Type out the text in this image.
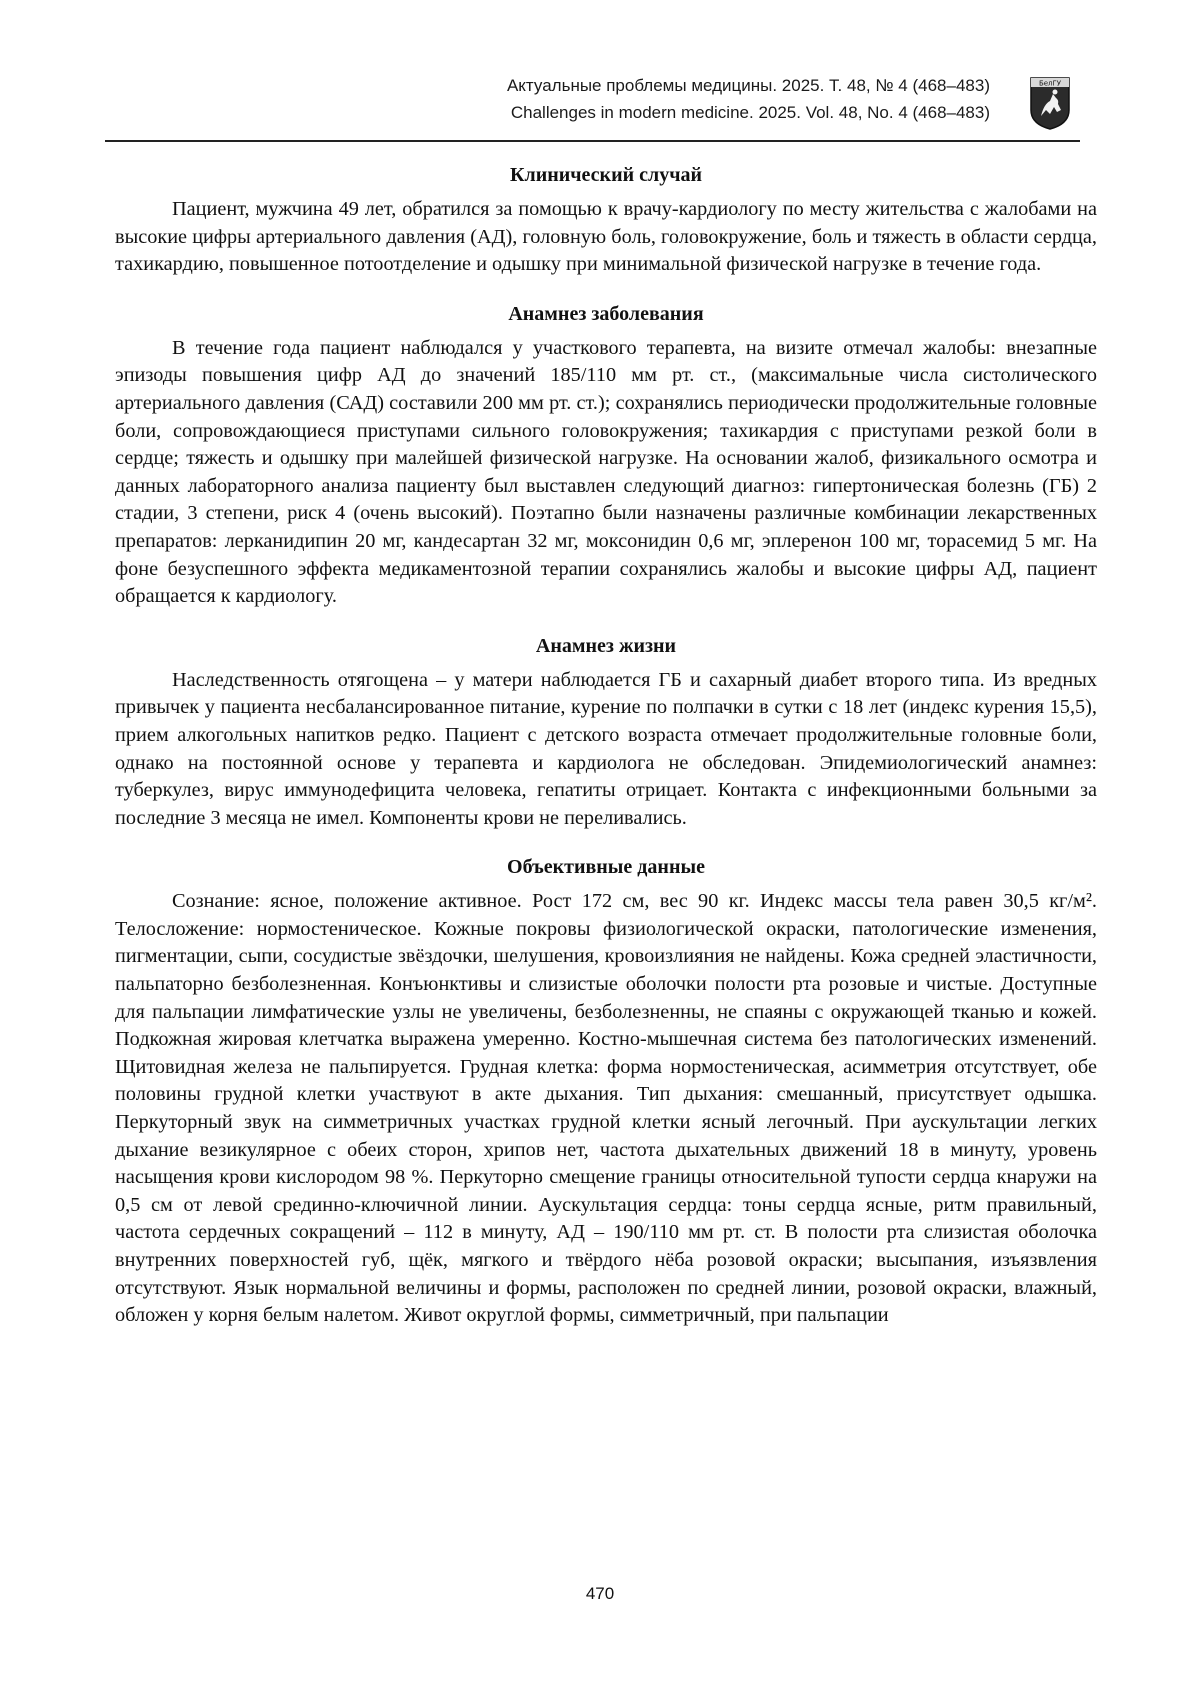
Актуальные проблемы медицины. 2025. Т. 48, № 4 (468–483)
Challenges in modern medicine. 2025. Vol. 48, No. 4 (468–483)
БелГУ
Клинический случай

Пациент, мужчина 49 лет, обратился за помощью к врачу-кардиологу по месту жительства с жалобами на высокие цифры артериального давления (АД), головную боль, головокружение, боль и тяжесть в области сердца, тахикардию, повышенное потоотделение и одышку при минимальной физической нагрузке в течение года.

Анамнез заболевания

В течение года пациент наблюдался у участкового терапевта, на визите отмечал жалобы: внезапные эпизоды повышения цифр АД до значений 185/110 мм рт. ст., (максимальные числа систолического артериального давления (САД) составили 200 мм рт. ст.); сохранялись периодически продолжительные головные боли, сопровождающиеся приступами сильного головокружения; тахикардия с приступами резкой боли в сердце; тяжесть и одышку при малейшей физической нагрузке. На основании жалоб, физикального осмотра и данных лабораторного анализа пациенту был выставлен следующий диагноз: гипертоническая болезнь (ГБ) 2 стадии, 3 степени, риск 4 (очень высокий). Поэтапно были назначены различные комбинации лекарственных препаратов: лерканидипин 20 мг, кандесартан 32 мг, моксонидин 0,6 мг, эплеренон 100 мг, торасемид 5 мг. На фоне безуспешного эффекта медикаментозной терапии сохранялись жалобы и высокие цифры АД, пациент обращается к кардиологу.

Анамнез жизни

Наследственность отягощена – у матери наблюдается ГБ и сахарный диабет второго типа. Из вредных привычек у пациента несбалансированное питание, курение по полпачки в сутки с 18 лет (индекс курения 15,5), прием алкогольных напитков редко. Пациент с детского возраста отмечает продолжительные головные боли, однако на постоянной основе у терапевта и кардиолога не обследован. Эпидемиологический анамнез: туберкулез, вирус иммунодефицита человека, гепатиты отрицает. Контакта с инфекционными больными за последние 3 месяца не имел. Компоненты крови не переливались.

Объективные данные

Сознание: ясное, положение активное. Рост 172 см, вес 90 кг. Индекс массы тела равен 30,5 кг/м². Телосложение: нормостеническое. Кожные покровы физиологической окраски, патологические изменения, пигментации, сыпи, сосудистые звёздочки, шелушения, кровоизлияния не найдены. Кожа средней эластичности, пальпаторно безболезненная. Конъюнктивы и слизистые оболочки полости рта розовые и чистые. Доступные для пальпации лимфатические узлы не увеличены, безболезненны, не спаяны с окружающей тканью и кожей. Подкожная жировая клетчатка выражена умеренно. Костно-мышечная система без патологических изменений. Щитовидная железа не пальпируется. Грудная клетка: форма нормостеническая, асимметрия отсутствует, обе половины грудной клетки участвуют в акте дыхания. Тип дыхания: смешанный, присутствует одышка. Перкуторный звук на симметричных участках грудной клетки ясный легочный. При аускультации легких дыхание везикулярное с обеих сторон, хрипов нет, частота дыхательных движений 18 в минуту, уровень насыщения крови кислородом 98 %. Перкуторно смещение границы относительной тупости сердца кнаружи на 0,5 см от левой срединно-ключичной линии. Аускультация сердца: тоны сердца ясные, ритм правильный, частота сердечных сокращений – 112 в минуту, АД – 190/110 мм рт. ст. В полости рта слизистая оболочка внутренних поверхностей губ, щёк, мягкого и твёрдого нёба розовой окраски; высыпания, изъязвления отсутствуют. Язык нормальной величины и формы, расположен по средней линии, розовой окраски, влажный, обложен у корня белым налетом. Живот округлой формы, симметричный, при пальпации

470
